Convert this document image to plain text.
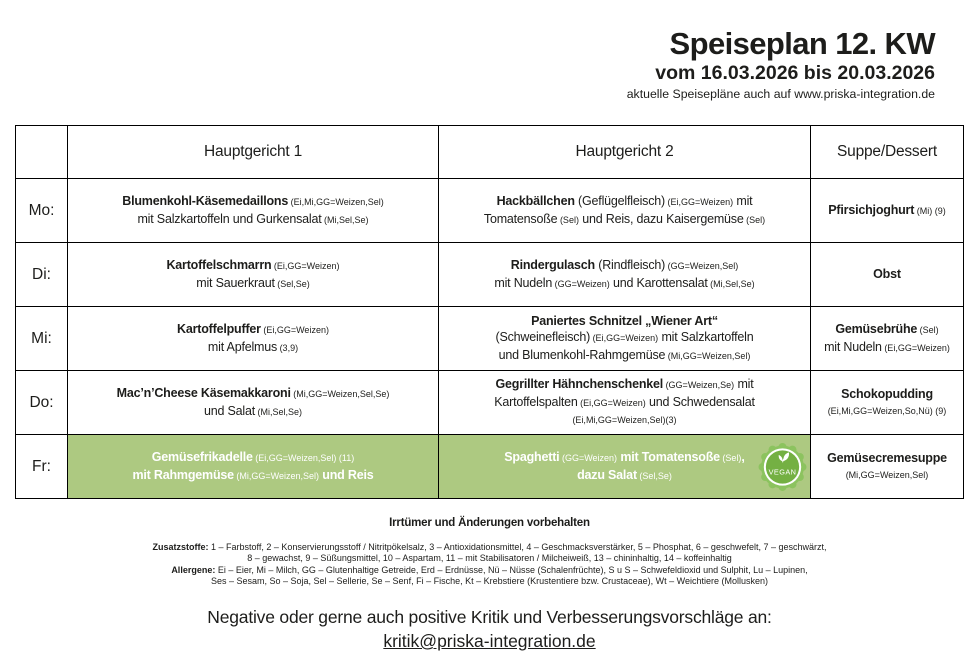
Speiseplan 12. KW
vom 16.03.2026 bis 20.03.2026
aktuelle Speisepläne auch auf www.priska-integration.de
	Hauptgericht 1	Hauptgericht 2	Suppe/Dessert
Mo:	
Blumenkohl-Käsemedaillons (Ei,Mi,GG=Weizen,Sel)
mit Salzkartoffeln und Gurkensalat (Mi,Sel,Se)

Hackbällchen (Geflügelfleisch) (Ei,GG=Weizen) mit
Tomatensoße (Sel) und Reis, dazu Kaisergemüse (Sel)

Pfirsichjoghurt (Mi) (9)

Di:	
Kartoffelschmarrn (Ei,GG=Weizen)
mit Sauerkraut (Sel,Se)

Rindergulasch (Rindfleisch) (GG=Weizen,Sel)
mit Nudeln (GG=Weizen) und Karottensalat (Mi,Sel,Se)

Obst

Mi:	
Kartoffelpuffer (Ei,GG=Weizen)
mit Apfelmus (3,9)

Paniertes Schnitzel „Wiener Art“
(Schweinefleisch) (Ei,GG=Weizen) mit Salzkartoffeln
und Blumenkohl-Rahmgemüse (Mi,GG=Weizen,Sel)

Gemüsebrühe (Sel)
mit Nudeln (Ei,GG=Weizen)

Do:	
Mac’n’Cheese Käsemakkaroni (Mi,GG=Weizen,Sel,Se)
und Salat (Mi,Sel,Se)

Gegrillter Hähnchenschenkel (GG=Weizen,Se) mit
Kartoffelspalten (Ei,GG=Weizen) und Schwedensalat
(Ei,Mi,GG=Weizen,Sel)(3)

Schokopudding
(Ei,Mi,GG=Weizen,So,Nü) (9)

Fr:	
Gemüsefrikadelle (Ei,GG=Weizen,Sel) (11)
mit Rahmgemüse (Mi,GG=Weizen,Sel) und Reis

Spaghetti (GG=Weizen) mit Tomatensoße (Sel),
dazu Salat (Sel,Se)	VEGAN

Gemüsecremesuppe
(Mi,GG=Weizen,Sel)
Irrtümer und Änderungen vorbehalten
Zusatzstoffe: 1 – Farbstoff, 2 – Konservierungsstoff / Nitritpökelsalz, 3 – Antioxidationsmittel, 4 – Geschmacksverstärker, 5 – Phosphat, 6 – geschwefelt, 7 – geschwärzt,
8 – gewachst, 9 – Süßungsmittel, 10 – Aspartam, 11 – mit Stabilisatoren / Milcheiweiß, 13 – chininhaltig, 14 – koffeinhaltig
Allergene: Ei – Eier, Mi – Milch, GG – Glutenhaltige Getreide, Erd – Erdnüsse, Nü – Nüsse (Schalenfrüchte), S u S – Schwefeldioxid und Sulphit, Lu – Lupinen,
Ses – Sesam, So – Soja, Sel – Sellerie, Se – Senf, Fi – Fische, Kt – Krebstiere (Krustentiere bzw. Crustaceae), Wt – Weichtiere (Mollusken)
Negative oder gerne auch positive Kritik und Verbesserungsvorschläge an:
kritik@priska-integration.de
